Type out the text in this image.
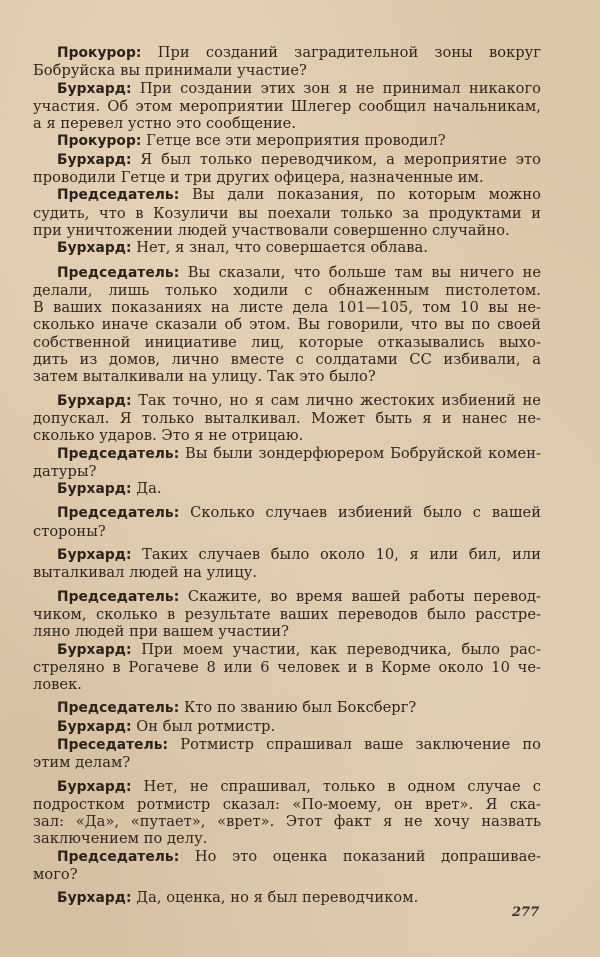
Прокурор: При созданий заградительной зоны вокруг
Бобруйска вы принимали участие?

Бурхард: При создании этих зон я не принимал никакого
участия. Об этом мероприятии Шлегер сообщил начальникам,
а я перевел устно это сообщение.

Прокурор: Гетце все эти мероприятия проводил?

Бурхард: Я был только переводчиком, а мероприятие это
проводили Гетце и три других офицера, назначенные им.

Председатель: Вы дали показания, по которым можно
судить, что в Козуличи вы поехали только за продуктами и
при уничтожении людей участвовали совершенно случайно.

Бурхард: Нет, я знал, что совершается облава.

Председатель: Вы сказали, что больше там вы ничего не
делали, лишь только ходили с обнаженным пистолетом.
В ваших показаниях на листе дела 101—105, том 10 вы не-
сколько иначе сказали об этом. Вы говорили, что вы по своей
собственной инициативе лиц, которые отказывались выхо-
дить из домов, лично вместе с солдатами СС избивали, а
затем выталкивали на улицу. Так это было?

Бурхард: Так точно, но я сам лично жестоких избиений не
допускал. Я только выталкивал. Может быть я и нанес не-
сколько ударов. Это я не отрицаю.

Председатель: Вы были зондерфюрером Бобруйской комен-
датуры?

Бурхард: Да.

Председатель: Сколько случаев избиений было с вашей
стороны?

Бурхард: Таких случаев было около 10, я или бил, или
выталкивал людей на улицу.

Председатель: Скажите, во время вашей работы перевод-
чиком, сколько в результате ваших переводов было расстре-
ляно людей при вашем участии?

Бурхард: При моем участии, как переводчика, было рас-
стреляно в Рогачеве 8 или 6 человек и в Корме около 10 че-
ловек.

Председатель: Кто по званию был Боксберг?

Бурхард: Он был ротмистр.

Преседатель: Ротмистр спрашивал ваше заключение по
этим делам?

Бурхард: Нет, не спрашивал, только в одном случае с
подростком ротмистр сказал: «По-моему, он врет». Я ска-
зал: «Да», «путает», «врет». Этот факт я не хочу назвать
заключением по делу.

Председатель: Но это оценка показаний допрашивае-
мого?

Бурхард: Да, оценка, но я был переводчиком.

277
